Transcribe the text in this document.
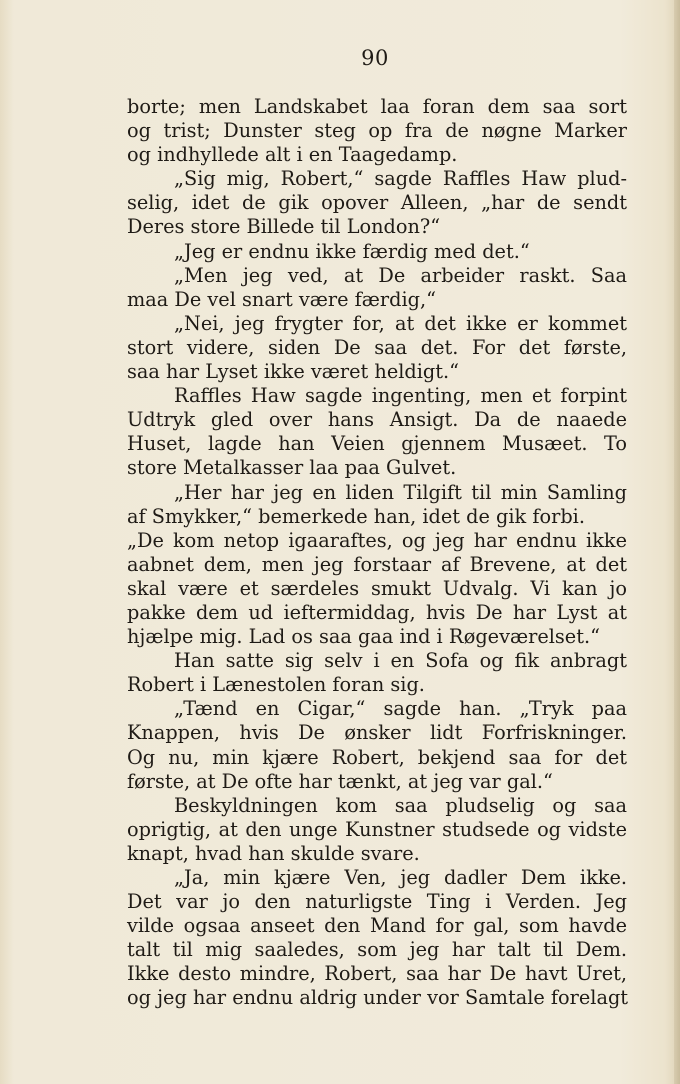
90
borte; men Landskabet laa foran dem saa sort
og trist; Dunster steg op fra de nøgne Marker
og indhyllede alt i en Taagedamp.
„Sig mig, Robert,“ sagde Raffles Haw plud-
selig, idet de gik opover Alleen, „har de sendt
Deres store Billede til London?“
„Jeg er endnu ikke færdig med det.“
„Men jeg ved, at De arbeider raskt. Saa
maa De vel snart være færdig,“
„Nei, jeg frygter for, at det ikke er kommet
stort videre, siden De saa det. For det første,
saa har Lyset ikke været heldigt.“
Raffles Haw sagde ingenting, men et forpint
Udtryk gled over hans Ansigt. Da de naaede
Huset, lagde han Veien gjennem Musæet. To
store Metalkasser laa paa Gulvet.
„Her har jeg en liden Tilgift til min Samling
af Smykker,“ bemerkede han, idet de gik forbi.
„De kom netop igaaraftes, og jeg har endnu ikke
aabnet dem, men jeg forstaar af Brevene, at det
skal være et særdeles smukt Udvalg. Vi kan jo
pakke dem ud ieftermiddag, hvis De har Lyst at
hjælpe mig. Lad os saa gaa ind i Røgeværelset.“
Han satte sig selv i en Sofa og fik anbragt
Robert i Lænestolen foran sig.
„Tænd en Cigar,“ sagde han. „Tryk paa
Knappen, hvis De ønsker lidt Forfriskninger.
Og nu, min kjære Robert, bekjend saa for det
første, at De ofte har tænkt, at jeg var gal.“
Beskyldningen kom saa pludselig og saa
oprigtig, at den unge Kunstner studsede og vidste
knapt, hvad han skulde svare.
„Ja, min kjære Ven, jeg dadler Dem ikke.
Det var jo den naturligste Ting i Verden. Jeg
vilde ogsaa anseet den Mand for gal, som havde
talt til mig saaledes, som jeg har talt til Dem.
Ikke desto mindre, Robert, saa har De havt Uret,
og jeg har endnu aldrig under vor Samtale forelagt
